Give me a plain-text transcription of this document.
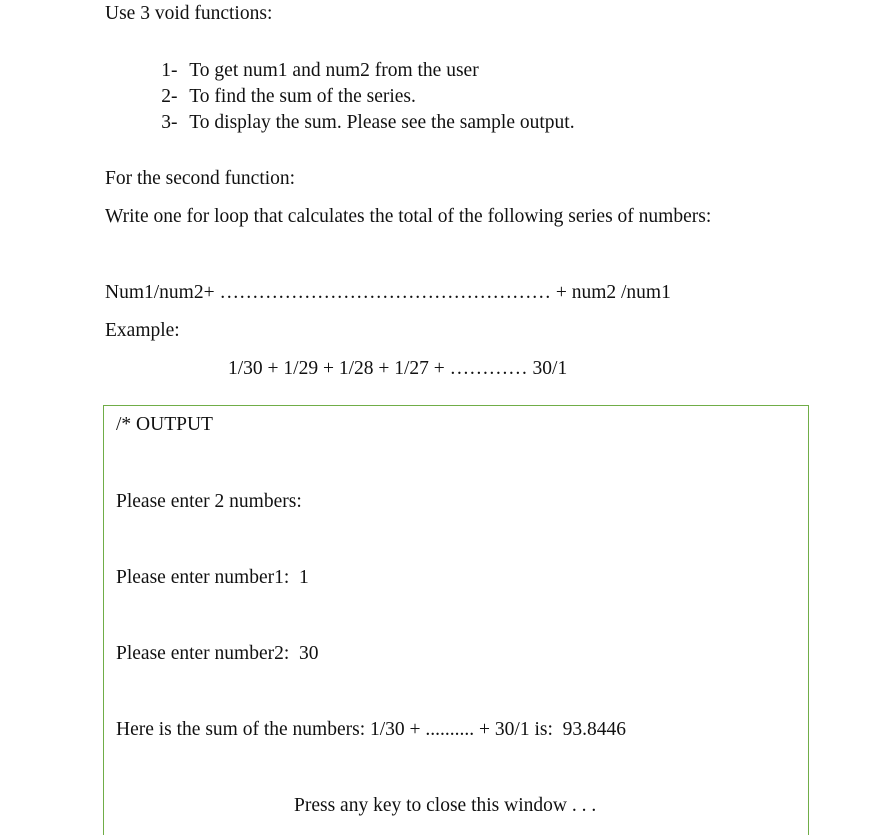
Use 3 void functions:

1- To get num1 and num2 from the user

2- To find the sum of the series.

3- To display the sum. Please see the sample output.

For the second function:
Write one for loop that calculates the total of the following series of numbers:
Num1/num2+ …………………………………………… + num2 /num1
Example:
1/30 + 1/29 + 1/28 + 1/27 + ………… 30/1
/* OUTPUT
Please enter 2 numbers:
Please enter number1:  1
Please enter number2:  30
Here is the sum of the numbers: 1/30 + .......... + 30/1 is:  93.8446
Press any key to close this window . . .
